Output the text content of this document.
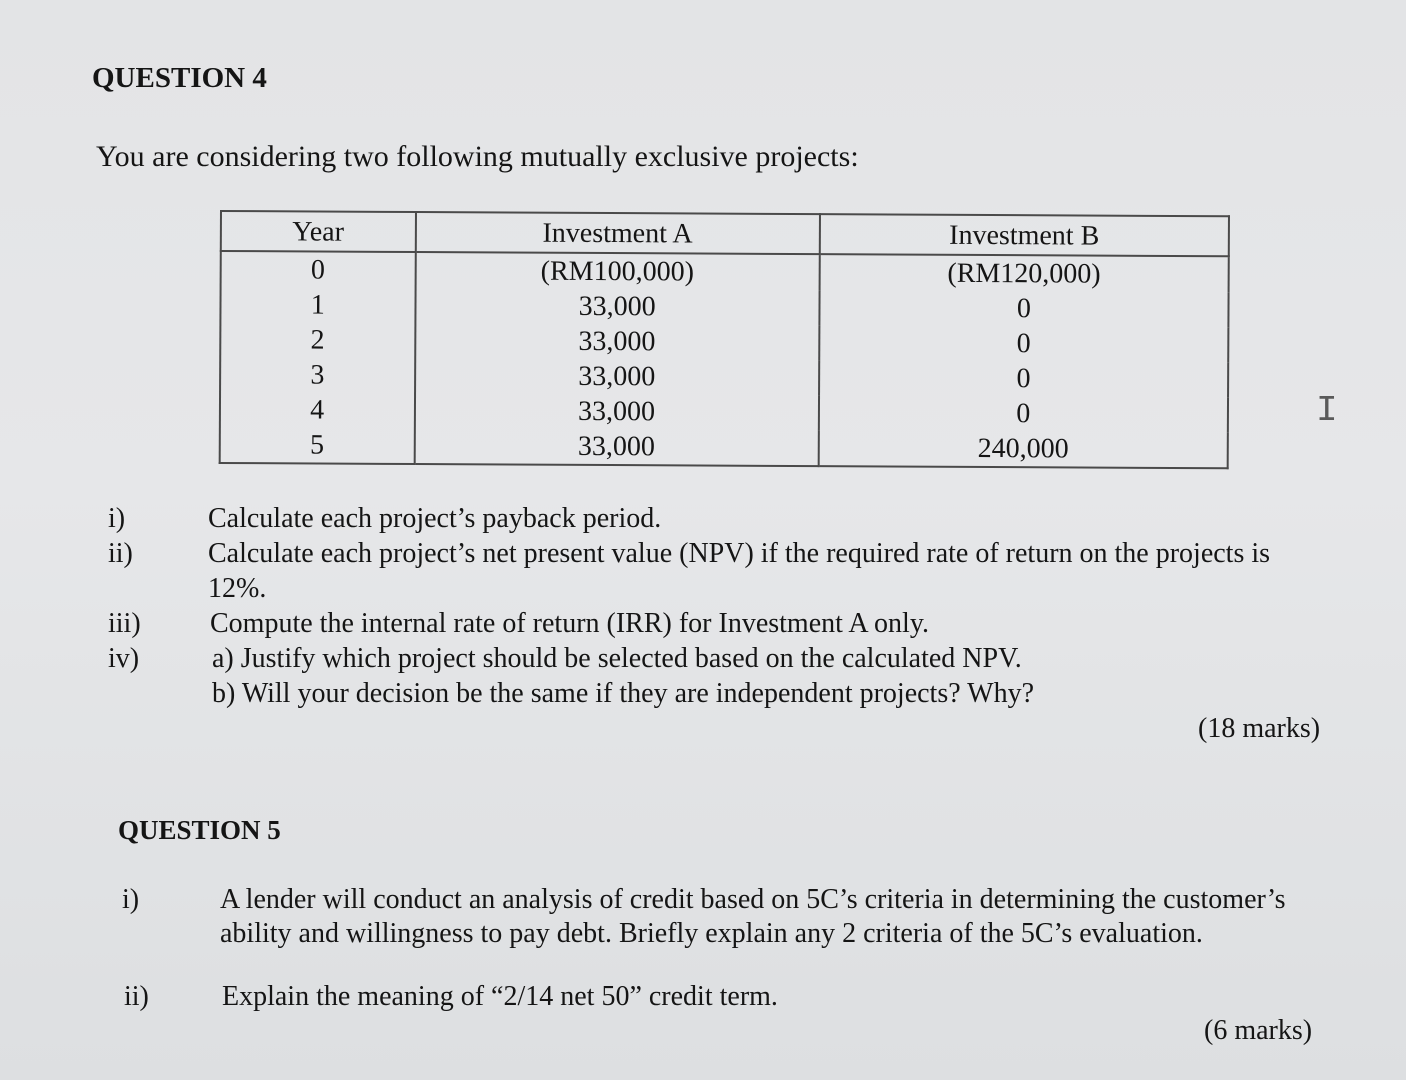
QUESTION 4
You are considering two following mutually exclusive projects:
Year	Investment A	Investment B
0	(RM100,000)	(RM120,000)
1	33,000	0
2	33,000	0
3	33,000	0
4	33,000	0
5	33,000	240,000
I
i)	Calculate each project’s payback period.
ii)	Calculate each project’s net present value (NPV) if the required rate of return on the projects is
12%.
iii) Compute the internal rate of return (IRR) for Investment A only.
iv)	a) Justify which project should be selected based on the calculated NPV.
b) Will your decision be the same if they are independent projects? Why?
(18 marks)
QUESTION 5
i)	A lender will conduct an analysis of credit based on 5C’s criteria in determining the customer’s
ability and willingness to pay debt. Briefly explain any 2 criteria of the 5C’s evaluation.
ii)	Explain the meaning of “2/14 net 50” credit term.
(6 marks)
